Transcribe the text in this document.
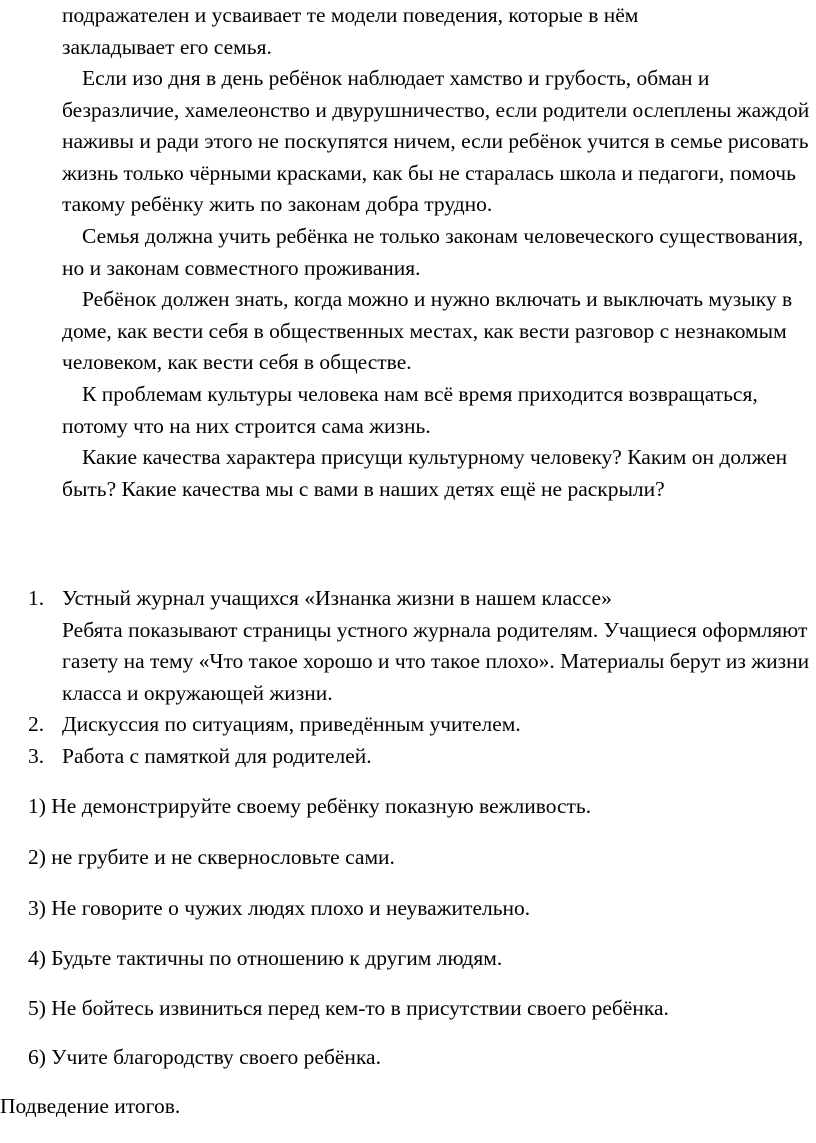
подражателен и усваивает те модели поведения, которые в нём

закладывает его семья.

Если изо дня в день ребёнок наблюдает хамство и грубость, обман и безразличие, хамелеонство и двурушничество, если родители ослеплены жаждой наживы и ради этого не поскупятся ничем, если ребёнок учится в семье рисовать жизнь только чёрными красками, как бы не старалась школа и педагоги, помочь такому ребёнку жить по законам добра трудно.

Семья должна учить ребёнка не только законам человеческого существования, но и законам совместного проживания.

Ребёнок должен знать, когда можно и нужно включать и выключать музыку в доме, как вести себя в общественных местах, как вести разговор с незнакомым человеком, как вести себя в обществе.

К проблемам культуры человека нам всё время приходится возвращаться, потому что на них строится сама жизнь.

Какие качества характера присущи культурному человеку? Каким он должен быть? Какие качества мы с вами в наших детях ещё не раскрыли?

1. Устный журнал учащихся «Изнанка жизни в нашем классе»
Ребята показывают страницы устного журнала родителям. Учащиеся оформляют газету на тему «Что такое хорошо и что такое плохо». Материалы берут из жизни класса и окружающей жизни.
2. Дискуссия по ситуациям, приведённым учителем.
3. Работа с памяткой для родителей.
1) Не демонстрируйте своему ребёнку показную вежливость.
2) не грубите и не сквернословьте сами.
3) Не говорите о чужих людях плохо и неуважительно.
4) Будьте тактичны по отношению к другим людям.
5) Не бойтесь извиниться перед кем-то в присутствии своего ребёнка.
6) Учите благородству своего ребёнка.
Подведение итогов.
